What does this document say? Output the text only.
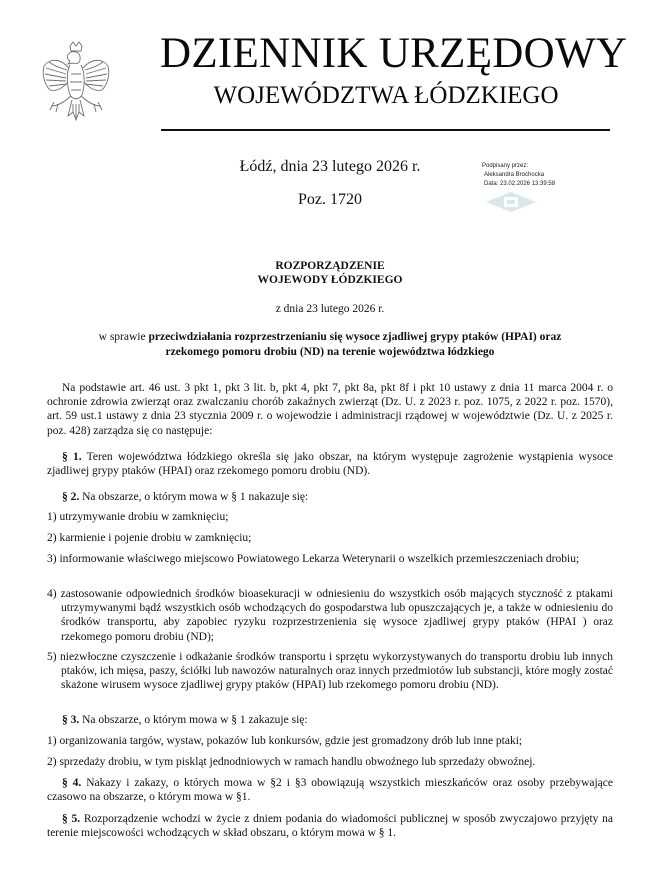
DZIENNIK URZĘDOWY
WOJEWÓDZTWA ŁÓDZKIEGO
Łódź, dnia 23 lutego 2026 r.
Poz. 1720
Podpisany przez:
Aleksandra Brochocka
Data: 23.02.2026 13:39:58
ROZPORZĄDZENIE
WOJEWODY ŁÓDZKIEGO
z dnia 23 lutego 2026 r.
w sprawie przeciwdziałania rozprzestrzenianiu się wysoce zjadliwej grypy ptaków (HPAI) oraz rzekomego pomoru drobiu (ND) na terenie województwa łódzkiego

Na podstawie art. 46 ust. 3 pkt 1, pkt 3 lit. b, pkt 4, pkt 7, pkt 8a, pkt 8f i pkt 10 ustawy z dnia 11 marca 2004 r. o ochronie zdrowia zwierząt oraz zwalczaniu chorób zakaźnych zwierząt (Dz. U. z 2023 r. poz. 1075, z 2022 r. poz. 1570), art. 59 ust.1 ustawy z dnia 23 stycznia 2009 r. o wojewodzie i administracji rządowej w województwie (Dz. U. z 2025 r. poz. 428) zarządza się co następuje:

§ 1. Teren województwa łódzkiego określa się jako obszar, na którym występuje zagrożenie wystąpienia wysoce zjadliwej grypy ptaków (HPAI) oraz rzekomego pomoru drobiu (ND).

§ 2. Na obszarze, o którym mowa w § 1 nakazuje się:

1) utrzymywanie drobiu w zamknięciu;

2) karmienie i pojenie drobiu w zamknięciu;

3) informowanie właściwego miejscowo Powiatowego Lekarza Weterynarii o wszelkich przemieszczeniach drobiu;

4) zastosowanie odpowiednich środków bioasekuracji w odniesieniu do wszystkich osób mających styczność z ptakami utrzymywanymi bądź wszystkich osób wchodzących do gospodarstwa lub opuszczających je, a także w odniesieniu do środków transportu, aby zapobiec ryzyku rozprzestrzenienia się wysoce zjadliwej grypy ptaków (HPAI ) oraz rzekomego pomoru drobiu (ND);

5) niezwłoczne czyszczenie i odkażanie środków transportu i sprzętu wykorzystywanych do transportu drobiu lub innych ptaków, ich mięsa, paszy, ściółki lub nawozów naturalnych oraz innych przedmiotów lub substancji, które mogły zostać skażone wirusem wysoce zjadliwej grypy ptaków (HPAI) lub rzekomego pomoru drobiu (ND).

§ 3. Na obszarze, o którym mowa w § 1 zakazuje się:

1) organizowania targów, wystaw, pokazów lub konkursów, gdzie jest gromadzony drób lub inne ptaki;

2) sprzedaży drobiu, w tym piskląt jednodniowych w ramach handlu obwoźnego lub sprzedaży obwoźnej.

§ 4. Nakazy i zakazy, o których mowa w §2 i §3 obowiązują wszystkich mieszkańców oraz osoby przebywające czasowo na obszarze, o którym mowa w §1.

§ 5. Rozporządzenie wchodzi w życie z dniem podania do wiadomości publicznej w sposób zwyczajowo przyjęty na terenie miejscowości wchodzących w skład obszaru, o którym mowa w § 1.
